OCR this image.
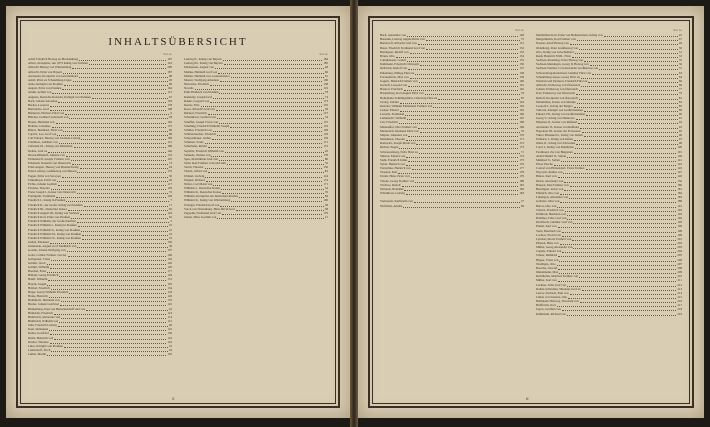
INHALTSÜBERSICHT
Seite
Adolf Friedrich Herzog zu Mecklenburg	197
Albert, Kronprinz, seit 1873 König von Sachsen	143
Albrecht Herzog von Württemberg	200
Albrecht, Prinz von Bayern	187
Alexander, Kronprinz von Griechenland	68
Adolf, Prinz zu Schaumburg-Lippe	26
Anna, Königin von Preußen	99
August, Prinz von Preußen	164
Arnim, Achim von	121
Augusta, Deutsche Kaiserin, Königin von Preußen	67
Bach, Johann Sebastian	103
Becker, Leopold	178
Bernadotte, Graf	108
Bismarck, Herbert, Fürst von	9
Blücher, Gebhard Leberecht von	28
Boyen, Hermann von	162
Brahms, Johannes	175
Bülow, Bernhard, Fürst von	86
Caprivi, Leo, Graf von	88
Carl Eduard, Herzog von Sachsen-Coburg	189
Chamisso, Adelbert von	112
Christian IX., König von Dänemark	186
Dohna, Graf zu	146
Droste-Hülshoff, Annette von	133
Eichendorff, Joseph, Freiherr von	125
Elisabeth, Kaiserin von Österreich	73
Ernst August, Herzog von Braunschweig	94
Ernst Ludwig, Großherzog von Hessen	170
Eugen, Prinz von Savoyen	30
Falkenhayn, Erich von	46
Fichte, Johann Gottlieb	117
Fontane, Theodor	129
Franz Joseph I., Kaiser von Österreich	72
Freiligrath, Ferdinand	128
Friedrich I., König in Preußen	7
Friedrich II., der Große, König von Preußen	17
Friedrich III., Deutscher Kaiser	65
Friedrich August III., König von Sachsen	144
Friedrich Karl, Prinz von Preußen	62
Friedrich Wilhelm, der Große Kurfürst	5
Friedrich Wilhelm I., König in Preußen	10
Friedrich Wilhelm II., König von Preußen	22
Friedrich Wilhelm III., König von Preußen	24
Friedrich Wilhelm IV., König von Preußen	52
Geibel, Emanuel	130
Gneisenau, August Graf Neidhardt von	36
Goethe, Johann Wolfgang von	107
Goltz, Colmar Freiherr von der	166
Grillparzer, Franz	132
Grimm, Jacob	120
Grimm, Wilhelm	120
Haeckel, Ernst	177
Händel, Georg Friedrich	104
Hauff, Wilhelm	131
Haydn, Joseph	105
Hebbel, Friedrich	134
Hegel, Georg Wilhelm Friedrich	118
Heine, Heinrich	126
Helmholtz, Hermann von	176
Herder, Johann Gottfried	110
Hindenburg, Paul von Beneckendorff und von	42
Hölderlin, Friedrich	123
Humboldt, Alexander von	114
Humboldt, Wilhelm von	115
Jahn, Friedrich Ludwig	40
Kant, Immanuel	116
Keller, Gottfried	136
Kleist, Heinrich von	122
Körner, Theodor	124
Luise, Königin von Preußen	25
Ludendorff, Erich	44
Luther, Martin	102
Seite
Ludwig II., König von Bayern	184
Ludwig III., König von Bayern	185
Mackensen, August von	48
Moltke, Helmuth Graf von	60
Moltke, Helmuth von, Generaloberst	61
Mozart, Wolfgang Amadeus	106
Nietzsche, Friedrich	138
Novalis	119
Prinz Heinrich von Preußen	78
Radetzky, Joseph Graf	74
Ranke, Leopold von	173
Reuter, Fritz	135
Roon, Albrecht Graf von	59
Rückert, Friedrich	127
Scharnhorst, Gerhard von	34
Scheffel, Joseph Victor von	137
Schelling, Friedrich Wilhelm Joseph	119
Schiller, Friedrich von	109
Schleiermacher, Friedrich	118
Schopenhauer, Arthur	139
Schubert, Franz	171
Schumann, Robert	172
Seydlitz, Friedrich Wilhelm von	20
Siemens, Werner von	178
Spee, Maximilian Graf von	80
Stein, Karl Freiherr vom und zum	32
Storm, Theodor	136
Tirpitz, Alfred von	82
Uhland, Ludwig	124
Wagner, Richard	174
Weber, Carl Maria von	171
Wilhelm I., Deutscher Kaiser	54
Wilhelm II., Deutscher Kaiser	76
Wilhelm, Kronprinz des Deutschen Reiches	84
Wilhelm II., König von Württemberg	190
Wrangel, Friedrich Graf von	58
Yorck von Wartenburg, Hans David Graf	38
Zeppelin, Ferdinand Graf von	179
Zieten, Hans Joachim von	21
5
Seite
Bach, Alexander von	148
Benedek, Ludwig August Ritter von	75
Bernstorff, Albrecht Graf von	151
Beust, Friedrich Ferdinand Graf von	152
Bennigsen, Rudolf von	153
Braun, Otto	154
Camphausen, Ludolf	155
Dahlmann, Friedrich Christoph	156
Delbrück, Rudolf von	157
Eulenburg, Philipp Fürst zu	158
Forckenbeck, Max von	159
Gagern, Heinrich Freiherr von	160
Gerlach, Leopold von	161
Harkort, Friedrich	162
Hardenberg, Karl August Fürst von	33
Hohenlohe-Schillingsfürst, Chlodwig Fürst zu	87
Jacoby, Johann	163
Ketteler, Wilhelm Emmanuel Freiherr von	164
Lasker, Eduard	165
Lassalle, Ferdinand	166
Liebknecht, Wilhelm	167
List, Friedrich	168
Manteuffel, Otto Freiherr von	169
Metternich, Klemens Fürst von	70
Miquel, Johannes von	170
Mommsen, Theodor	171
Radowitz, Joseph Maria von	172
Richter, Eugen	173
Schwarzenberg, Felix Fürst zu	71
Simson, Eduard von	174
Stahl, Friedrich Julius	175
Sybel, Heinrich von	176
Treitschke, Heinrich von	177
Twesten, Karl	178
Unruh, Hans Victor von	179
Vincke, Georg Freiherr von	180
Virchow, Rudolf	181
Waldeck, Benedikt	182
Windthorst, Ludwig	183
Vorbesetzt, Kurfürstin von	27
Wolfsthal, Amalie	99
Seite
Maximilian Karl, Prinz von Hohenzollern, König von	45
Mergentheim, Karl Freiherr von	47
Nassau, Adolf Herzog von	49
Oldenburg, Peter Großherzog von	50
Otto, König von Griechenland	51
Reuß, Heinrich XXII., Fürst	53
Sachsen-Altenburg, Ernst Herzog von	55
Sachsen-Meiningen, Georg II. Herzog von	56
Sachsen-Weimar, Carl Alexander Großherzog von	57
Schwarzburg-Rudolstadt, Günther Fürst von	63
Schaumburg-Lippe, Georg Fürst zu	64
Waldeck und Pyrmont, Friedrich Fürst zu	66
Albrecht, Erzherzog von Österreich	69
Johann, Erzherzog von Österreich	77
Karl, Erzherzog von Österreich	79
Rudolf, Kronprinz von Österreich	81
Maximilian, Kaiser von Mexiko	83
Leopold I., König der Belgier	85
Viktoria, Königin von Großbritannien	89
Eduard VII., König von Großbritannien	90
Georg V., König von Hannover	91
Nikolaus II., Kaiser von Rußland	92
Alexander II., Kaiser von Rußland	93
Napoleon III., Kaiser der Franzosen	95
Viktor Emanuel II., König von Italien	96
Umberto I., König von Italien	97
Oskar II., König von Schweden	98
Carol I., König von Rumänien	100
Ferdinand, Zar von Bulgarien	101
Abdul Hamid II., Sultan	140
Mehmed V., Sultan	141
Enver Pascha	142
Conrad von Hötzendorf, Franz Freiherr	145
Woyrsch, Remus von	147
Bülow, Karl von	149
Kluck, Alexander von	150
Hausen, Max Freiherr von	180
Heeringen, Josias von	181
Emmich, Otto von	182
Linsingen, Alexander von	183
Gallwitz, Max von	188
Below, Otto von	191
Scholtz, Friedrich von	192
Eichhorn, Hermann von	193
Bothmer, Felix Graf von	194
Kirchbach, Günther Graf von	195
Einem, Karl von	196
Stein, Hermann von	198
Lochow, Ewald von	199
Lyncker, Moriz Freiherr von	201
Plessen, Hans von	202
Müller, Georg Alexander von	203
Capelle, Eduard von	204
Scheer, Reinhard	205
Hipper, Franz von	206
Weddigen, Otto	207
Boelcke, Oswald	208
Immelmann, Max	209
Richthofen, Manfred Freiherr von	210
Müller, Karl von	211
Luckner, Felix Graf von	212
Dohna-Schlodien, Nikolaus Graf zu	213
Lettow-Vorbeck, Paul von	214
Liman von Sanders, Otto	215
Bethmann Hollweg, Theobald von	216
Helfferich, Karl	217
Jagow, Gottlieb von	218
Kühlmann, Richard von	219
6
